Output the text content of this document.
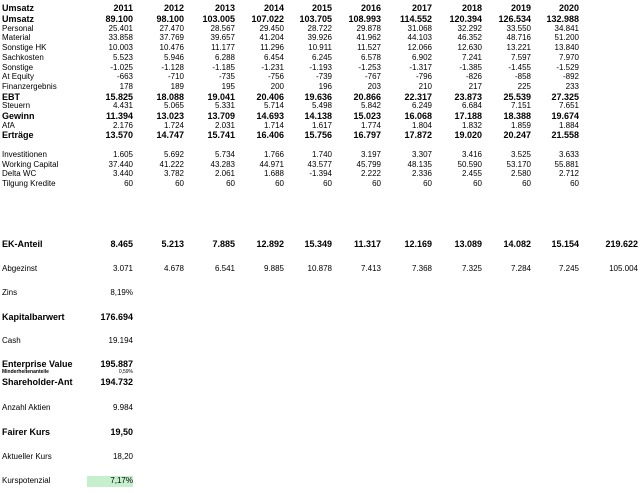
Umsatz	2011	2012	2013	2014	2015	2016	2017	2018	2019	2020
Umsatz	89.100	98.100	103.005	107.022	103.705	108.993	114.552	120.394	126.534	132.988
Personal	25.401	27.470	28.567	29.450	28.722	29.878	31.068	32.292	33.550	34.841
Material	33.858	37.769	39.657	41.204	39.926	41.962	44.103	46.352	48.716	51.200
Sonstige HK	10.003	10.476	11.177	11.296	10.911	11.527	12.066	12.630	13.221	13.840
Sachkosten	5.523	5.946	6.288	6.454	6.245	6.578	6.902	7.241	7.597	7.970
Sonstige	-1.025	-1.128	-1.185	-1.231	-1.193	-1.253	-1.317	-1.385	-1.455	-1.529
At Equity	-663	-710	-735	-756	-739	-767	-796	-826	-858	-892
Finanzergebnis	178	189	195	200	196	203	210	217	225	233
EBT	15.825	18.088	19.041	20.406	19.636	20.866	22.317	23.873	25.539	27.325
Steuern	4.431	5.065	5.331	5.714	5.498	5.842	6.249	6.684	7.151	7.651
Gewinn	11.394	13.023	13.709	14.693	14.138	15.023	16.068	17.188	18.388	19.674
AfA	2.176	1.724	2.031	1.714	1.617	1.774	1.804	1.832	1.859	1.884
Erträge	13.570	14.747	15.741	16.406	15.756	16.797	17.872	19.020	20.247	21.558
Investitionen	1.605	5.692	5.734	1.766	1.740	3.197	3.307	3.416	3.525	3.633
Working Capital	37.440	41.222	43.283	44.971	43.577	45.799	48.135	50.590	53.170	55.881
Delta WC	3.440	3.782	2.061	1.688	-1.394	2.222	2.336	2.455	2.580	2.712
Tilgung Kredite	60	60	60	60	60	60	60	60	60	60
EK-Anteil	8.465	5.213	7.885	12.892	15.349	11.317	12.169	13.089	14.082	15.154	219.622
Abgezinst	3.071	4.678	6.541	9.885	10.878	7.413	7.368	7.325	7.284	7.245	105.004
Zins	8,19%
Kapitalbarwert	176.694
Cash	19.194
Enterprise Value	195.887
Minderheitenanteile	0,59%
Shareholder-Ant	194.732
Anzahl Aktien	9.984
Fairer Kurs	19,50
Aktueller Kurs	18,20
Kurspotenzial	7,17%
